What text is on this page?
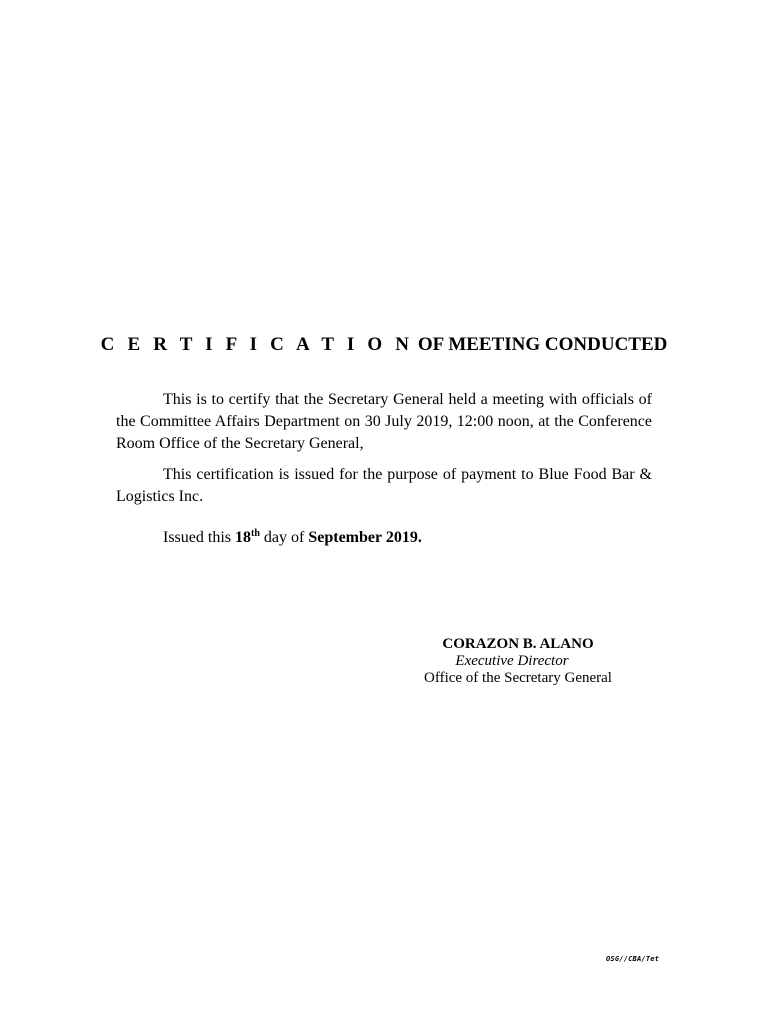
C E R T I F I C A T I O N OF MEETING CONDUCTED

This is to certify that the Secretary General held a meeting with officials of the Committee Affairs Department on 30 July 2019, 12:00 noon, at the Conference Room Office of the Secretary General,

This certification is issued for the purpose of payment to Blue Food Bar & Logistics Inc.

Issued this 18th day of September 2019.
CORAZON B. ALANO
Executive Director
Office of the Secretary General
OSG//CBA/Tet
